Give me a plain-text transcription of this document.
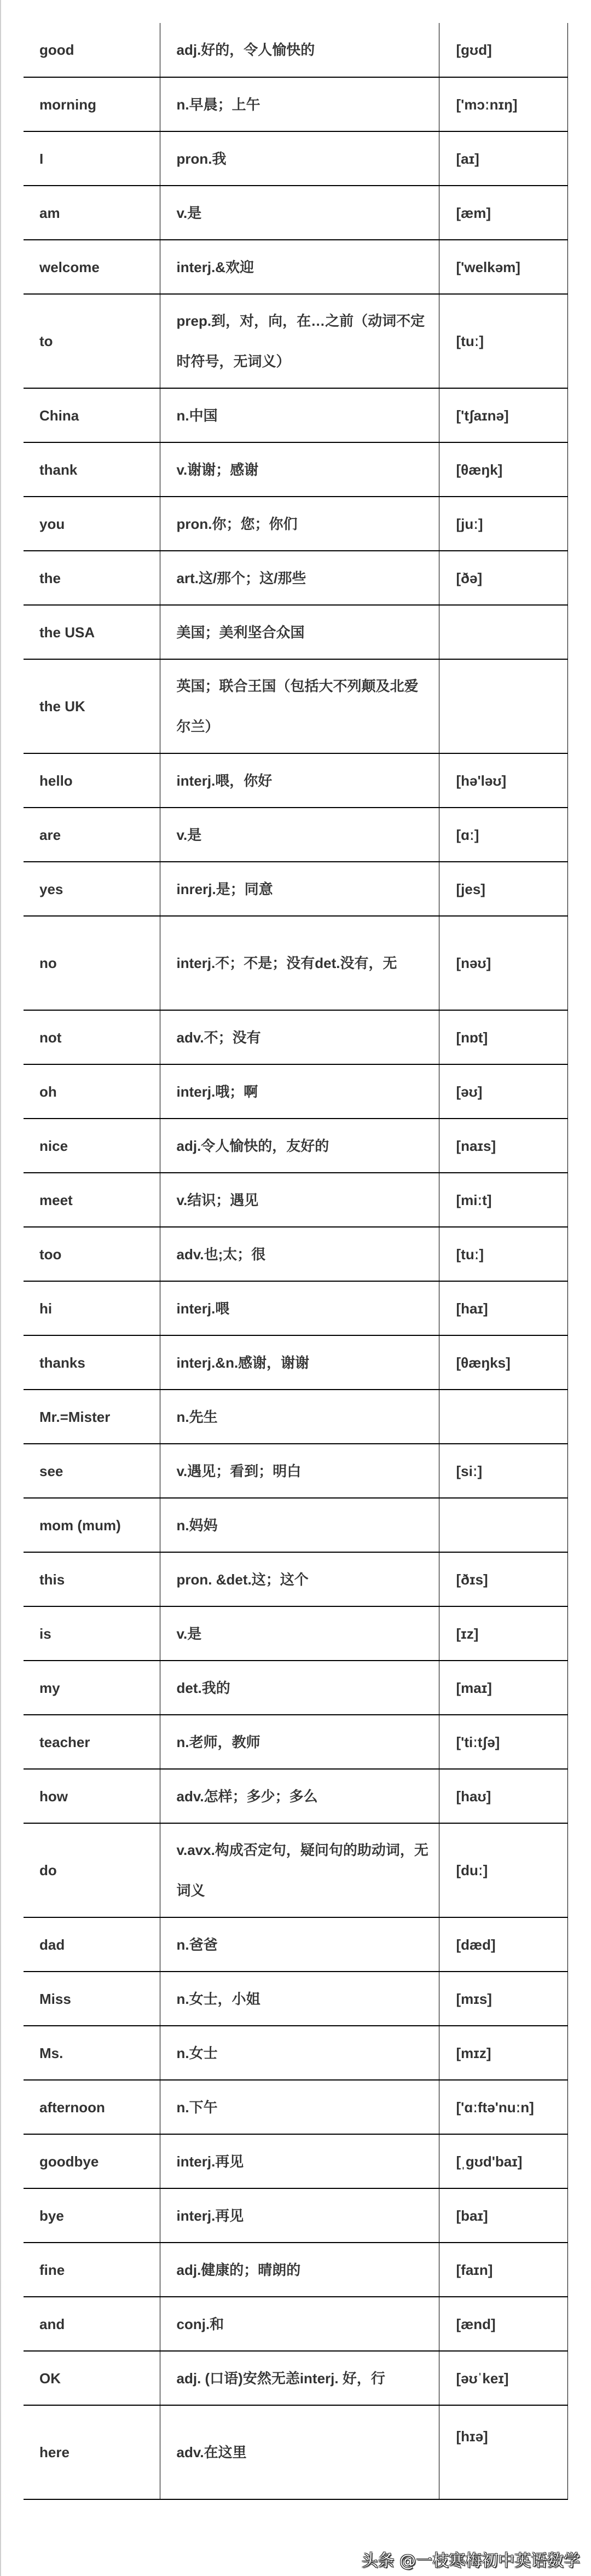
good	adj.好的，令人愉快的	[gʊd]
morning	n.早晨；上午	['mɔːnɪŋ]
I	pron.我	[aɪ]
am	v.是	[æm]
welcome	interj.&欢迎	['welkəm]
to	prep.到，对，向，在…之前（动词不定时符号，无词义）	[tuː]
China	n.中国	['tʃaɪnə]
thank	v.谢谢；感谢	[θæŋk]
you	pron.你；您；你们	[juː]
the	art.这/那个；这/那些	[ðə]
the USA	美国；美利坚合众国	
the UK	英国；联合王国（包括大不列颠及北爱尔兰）	
hello	interj.喂，你好	[hə'ləʊ]
are	v.是	[ɑː]
yes	inrerj.是；同意	[jes]
no	interj.不；不是；没有det.没有，无	[nəʊ]
not	adv.不；没有	[nɒt]
oh	interj.哦；啊	[əʊ]
nice	adj.令人愉快的，友好的	[naɪs]
meet	v.结识；遇见	[miːt]
too	adv.也;太；很	[tuː]
hi	interj.喂	[haɪ]
thanks	interj.&n.感谢，谢谢	[θæŋks]
Mr.=Mister	n.先生	
see	v.遇见；看到；明白	[siː]
mom (mum)	n.妈妈	
this	pron. &det.这；这个	[ðɪs]
is	v.是	[ɪz]
my	det.我的	[maɪ]
teacher	n.老师，教师	['tiːtʃə]
how	adv.怎样；多少；多么	[haʊ]
do	v.avx.构成否定句，疑问句的助动词，无词义	[duː]
dad	n.爸爸	[dæd]
Miss	n.女士，小姐	[mɪs]
Ms.	n.女士	[mɪz]
afternoon	n.下午	['ɑːftə'nuːn]
goodbye	interj.再见	[ˌgʊd'baɪ]
bye	interj.再见	[baɪ]
fine	adj.健康的；晴朗的	[faɪn]
and	conj.和	[ænd]
OK	adj. (口语)安然无恙interj. 好，行	[əʊˈkeɪ]
here	adv.在这里	[hɪə]
头条 @一枝寒梅初中英语数学
